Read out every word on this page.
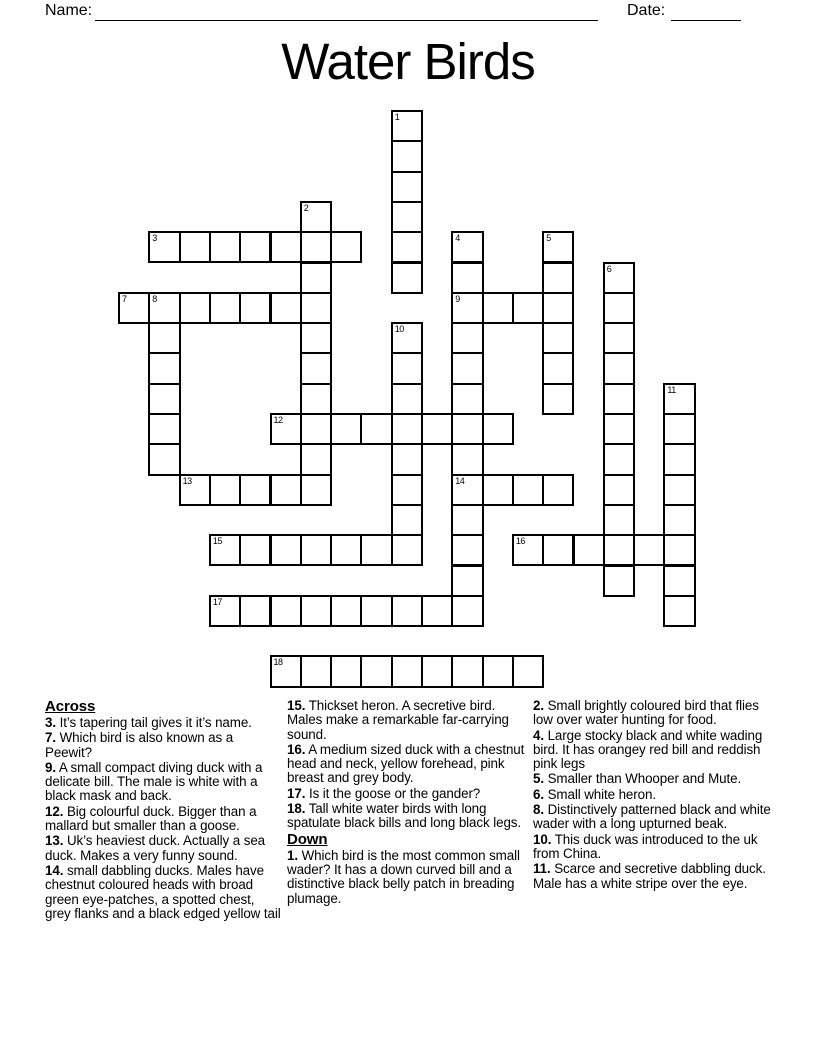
Name:	Date:
Water Birds
1
2
3	4
9
14
5
6
7	8
10
11
12
13
15	16
17
18
Across

3. It’s tapering tail gives it it’s name.

7. Which bird is also known as a Peewit?

9. A small compact diving duck with a delicate bill. The male is white with a black mask and back.

12. Big colourful duck. Bigger than a mallard but smaller than a goose.

13. Uk’s heaviest duck. Actually a sea duck. Makes a very funny sound.

14. small dabbling ducks. Males have chestnut coloured heads with broad green eye-patches, a spotted chest, grey flanks and a black edged yellow tail

15. Thickset heron. A secretive bird. Males make a remarkable far-carrying sound.

16. A medium sized duck with a chestnut head and neck, yellow forehead, pink breast and grey body.

17. Is it the goose or the gander?

18. Tall white water birds with long spatulate black bills and long black legs.

Down

1. Which bird is the most common small wader? It has a down curved bill and a distinctive black belly patch in breading plumage.

2. Small brightly coloured bird that flies low over water hunting for food.

4. Large stocky black and white wading bird. It has orangey red bill and reddish pink legs

5. Smaller than Whooper and Mute.

6. Small white heron.

8. Distinctively patterned black and white wader with a long upturned beak.

10. This duck was introduced to the uk from China.

11. Scarce and secretive dabbling duck. Male has a white stripe over the eye.
